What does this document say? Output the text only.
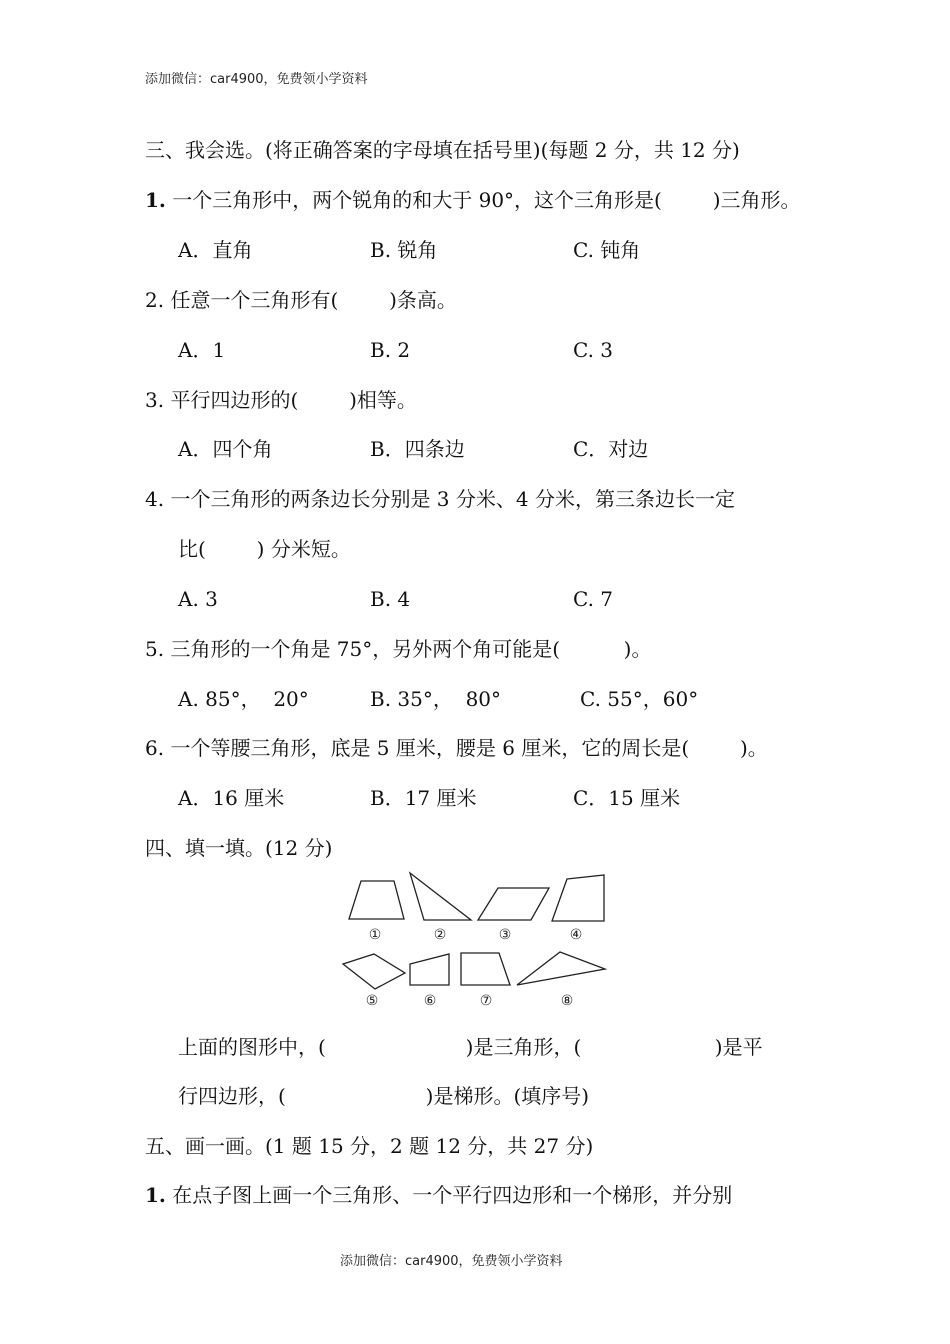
添加微信：car4900，免费领小学资料
三、我会选。(将正确答案的字母填在括号里)(每题 2 分，共 12 分)
1. 一个三角形中，两个锐角的和大于 90°，这个三角形是(        )三角形。
A．直角	B. 锐角	C. 钝角
2. 任意一个三角形有(        )条高。
A．1	B. 2	C. 3
3. 平行四边形的(        )相等。
A．四个角	B．四条边	C．对边
4. 一个三角形的两条边长分别是 3 分米、4 分米，第三条边长一定
比(        ) 分米短。
A. 3	B. 4	C. 7
5. 三角形的一个角是 75°，另外两个角可能是(          )。
A. 85°，  20°	B. 35°，  80°	C. 55°，60°
6. 一个等腰三角形，底是 5 厘米，腰是 6 厘米，它的周长是(        )。
A．16 厘米	B．17 厘米	C．15 厘米
四、填一填。(12 分)
①	②	③	④
⑤	⑥	⑦	⑧
上面的图形中，(                      )是三角形，(                     )是平
行四边形，(                      )是梯形。(填序号)
五、画一画。(1 题 15 分，2 题 12 分，共 27 分)
1. 在点子图上画一个三角形、一个平行四边形和一个梯形，并分别
添加微信：car4900，免费领小学资料
